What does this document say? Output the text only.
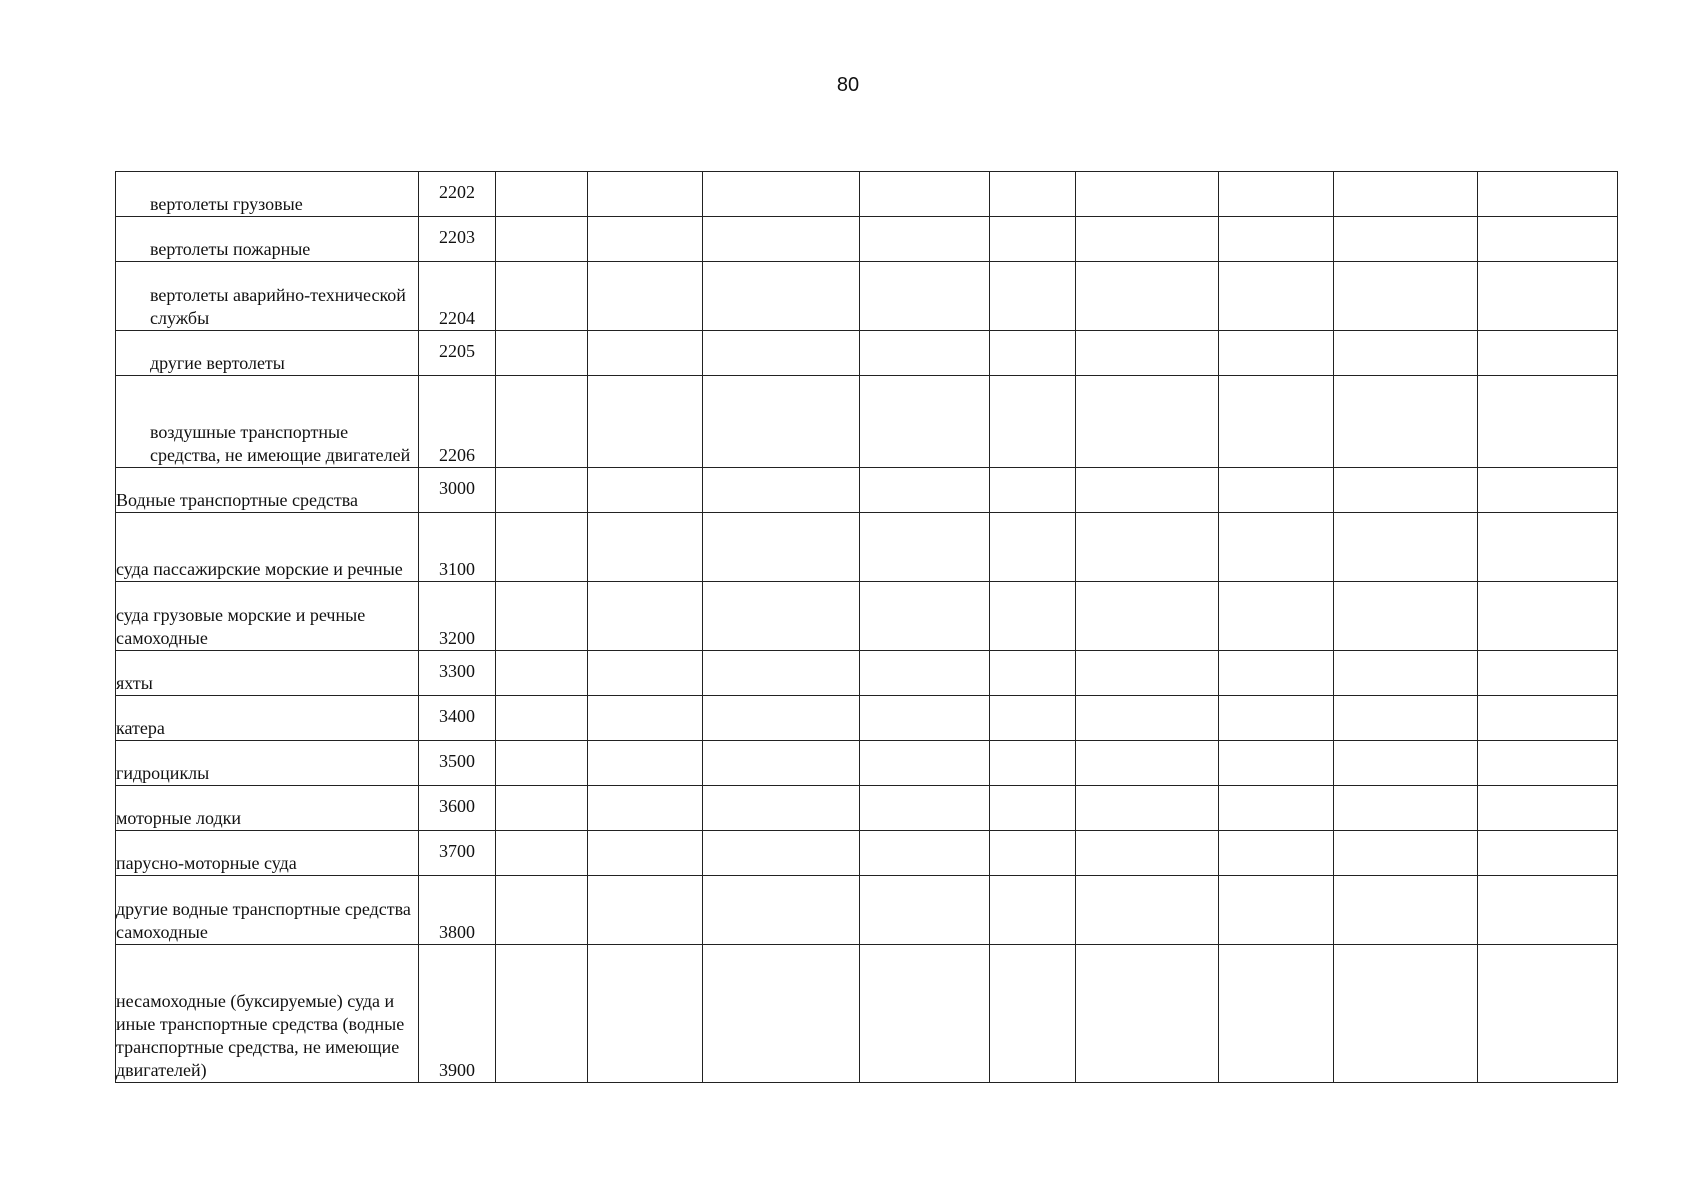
80
вертолеты грузовые	2202										
вертолеты пожарные	2203										
вертолеты аварийно-технической службы	2204										
другие вертолеты	2205										
воздушные транспортные средства, не имеющие двигателей	2206										
Водные транспортные средства	3000										
суда пассажирские морские и речные	3100										
суда грузовые морские и речные самоходные	3200										
яхты	3300										
катера	3400										
гидроциклы	3500										
моторные лодки	3600										
парусно-моторные суда	3700										
другие водные транспортные средства самоходные	3800										
несамоходные (буксируемые) суда и иные транспортные средства (водные транспортные средства, не имеющие двигателей)	3900										
